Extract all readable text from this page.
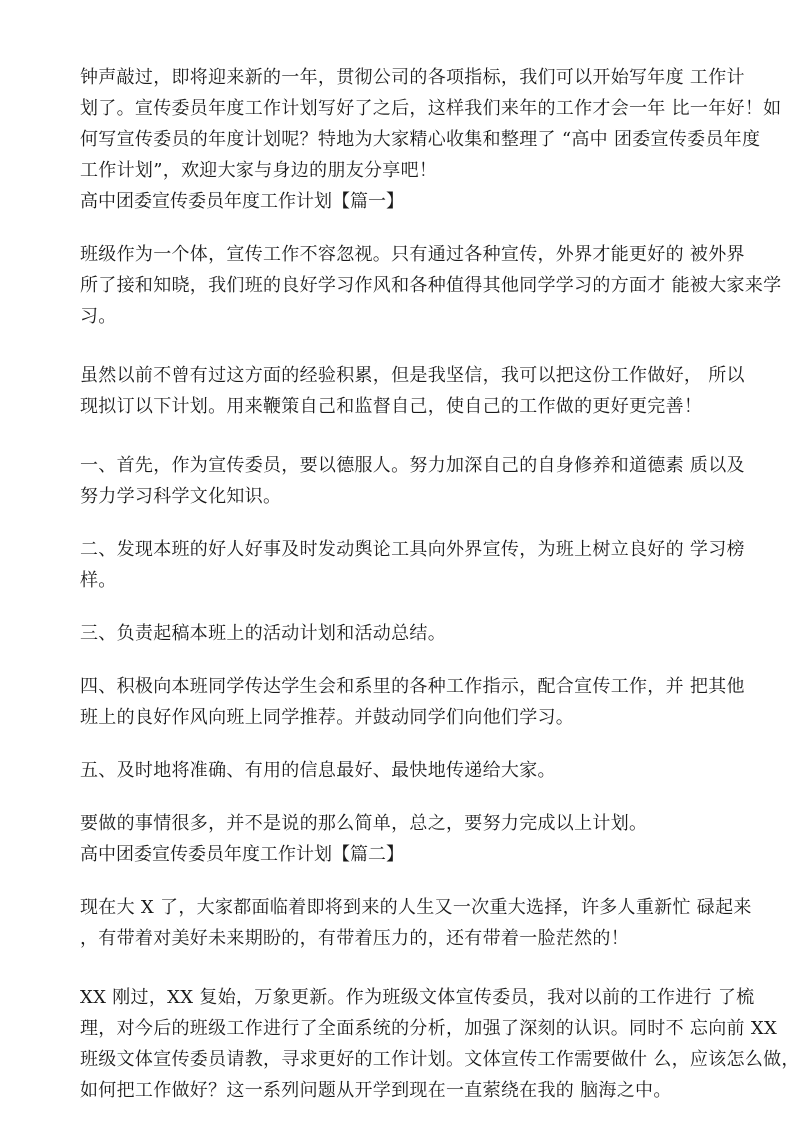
钟声敲过，即将迎来新的一年，贯彻公司的各项指标，我们可以开始写年度 工作计
划了。宣传委员年度工作计划写好了之后，这样我们来年的工作才会一年 比一年好！如
何写宣传委员的年度计划呢？特地为大家精心收集和整理了 “高中 团委宣传委员年度
工作计划”，欢迎大家与身边的朋友分享吧！

高中团委宣传委员年度工作计划【篇一】

班级作为一个体，宣传工作不容忽视。只有通过各种宣传，外界才能更好的 被外界
所了接和知晓，我们班的良好学习作风和各种值得其他同学学习的方面才 能被大家来学
习。

虽然以前不曾有过这方面的经验积累，但是我坚信，我可以把这份工作做好， 所以
现拟订以下计划。用来鞭策自己和监督自己，使自己的工作做的更好更完善！

一、首先，作为宣传委员，要以德服人。努力加深自己的自身修养和道德素 质以及
努力学习科学文化知识。

二、发现本班的好人好事及时发动舆论工具向外界宣传，为班上树立良好的 学习榜
样。

三、负责起稿本班上的活动计划和活动总结。

四、积极向本班同学传达学生会和系里的各种工作指示，配合宣传工作，并 把其他
班上的良好作风向班上同学推荐。并鼓动同学们向他们学习。

五、及时地将准确、有用的信息最好、最快地传递给大家。

要做的事情很多，并不是说的那么简单，总之，要努力完成以上计划。

高中团委宣传委员年度工作计划【篇二】

现在大 X 了，大家都面临着即将到来的人生又一次重大选择，许多人重新忙 碌起来
，有带着对美好未来期盼的，有带着压力的，还有带着一脸茫然的！

XX 刚过，XX 复始，万象更新。作为班级文体宣传委员，我对以前的工作进行 了梳
理，对今后的班级工作进行了全面系统的分析，加强了深刻的认识。同时不 忘向前 XX
班级文体宣传委员请教，寻求更好的工作计划。文体宣传工作需要做什 么，应该怎么做，
如何把工作做好？这一系列问题从开学到现在一直萦绕在我的 脑海之中。
